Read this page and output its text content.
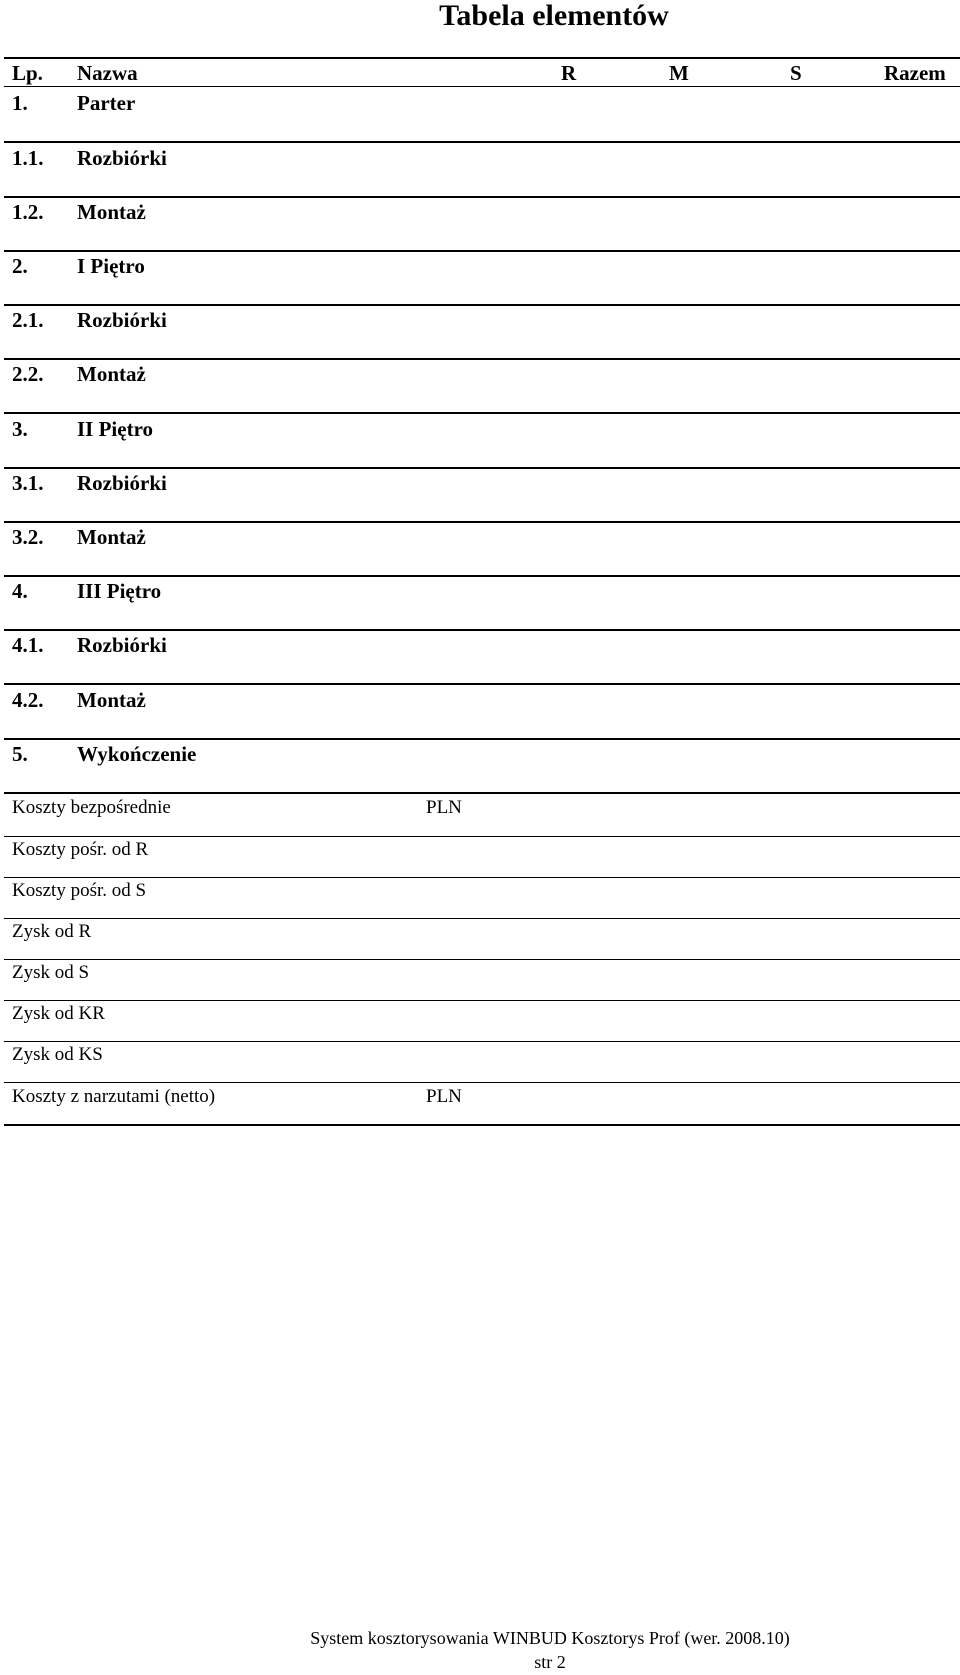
Tabela elementów
Lp. Nazwa	R	M	S	Razem
1. Parter
1.1. Rozbiórki
1.2. Montaż
2. I Piętro
2.1. Rozbiórki
2.2. Montaż
3. II Piętro
3.1. Rozbiórki
3.2. Montaż
4. III Piętro
4.1. Rozbiórki
4.2. Montaż
5. Wykończenie
Koszty bezpośrednie	PLN
Koszty pośr. od R
Koszty pośr. od S
Zysk od R
Zysk od S
Zysk od KR
Zysk od KS
Koszty z narzutami (netto)	PLN
System kosztorysowania WINBUD Kosztorys Prof (wer. 2008.10)
str 2
